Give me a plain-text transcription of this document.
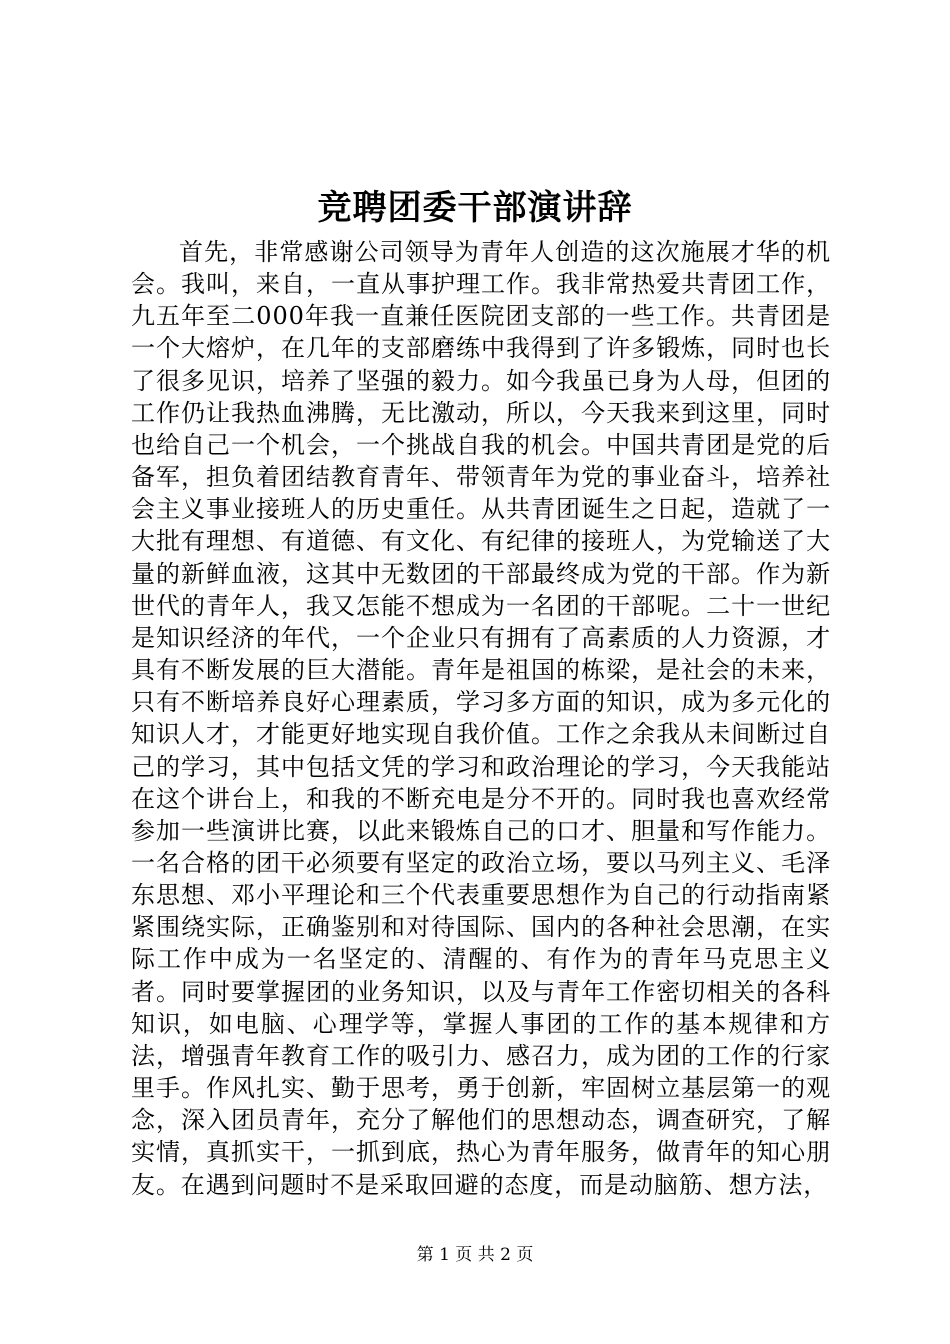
竞聘团委干部演讲辞

首先，非常感谢公司领导为青年人创造的这次施展才华的机会。我叫，来自，一直从事护理工作。我非常热爱共青团工作，九五年至二000年我一直兼任医院团支部的一些工作。共青团是一个大熔炉，在几年的支部磨练中我得到了许多锻炼，同时也长了很多见识，培养了坚强的毅力。如今我虽已身为人母，但团的工作仍让我热血沸腾，无比激动，所以，今天我来到这里，同时也给自己一个机会，一个挑战自我的机会。中国共青团是党的后备军，担负着团结教育青年、带领青年为党的事业奋斗，培养社会主义事业接班人的历史重任。从共青团诞生之日起，造就了一大批有理想、有道德、有文化、有纪律的接班人，为党输送了大量的新鲜血液，这其中无数团的干部最终成为党的干部。作为新世代的青年人，我又怎能不想成为一名团的干部呢。二十一世纪是知识经济的年代，一个企业只有拥有了高素质的人力资源，才具有不断发展的巨大潜能。青年是祖国的栋梁，是社会的未来，只有不断培养良好心理素质，学习多方面的知识，成为多元化的知识人才，才能更好地实现自我价值。工作之余我从未间断过自己的学习，其中包括文凭的学习和政治理论的学习，今天我能站在这个讲台上，和我的不断充电是分不开的。同时我也喜欢经常参加一些演讲比赛，以此来锻炼自己的口才、胆量和写作能力。一名合格的团干必须要有坚定的政治立场，要以马列主义、毛泽东思想、邓小平理论和三个代表重要思想作为自己的行动指南紧紧围绕实际，正确鉴别和对待国际、国内的各种社会思潮，在实际工作中成为一名坚定的、清醒的、有作为的青年马克思主义者。同时要掌握团的业务知识，以及与青年工作密切相关的各科知识，如电脑、心理学等，掌握人事团的工作的基本规律和方法，增强青年教育工作的吸引力、感召力，成为团的工作的行家里手。作风扎实、勤于思考，勇于创新，牢固树立基层第一的观念，深入团员青年，充分了解他们的思想动态，调查研究，了解实情，真抓实干，一抓到底，热心为青年服务，做青年的知心朋友。在遇到问题时不是采取回避的态度，而是动脑筋、想方法，

第 1 页 共 2 页
